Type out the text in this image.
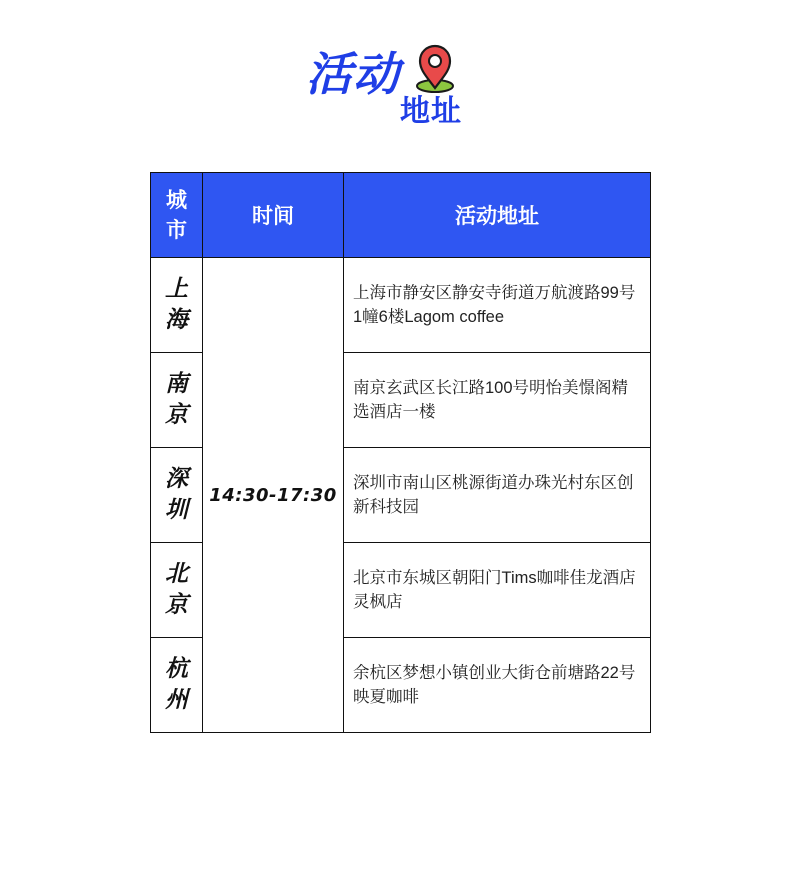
活动
地址
城
市	时间	活动地址

上
海	14:30-17:30	上海市静安区静安寺街道万航渡路99号1幢6楼Lagom coffee

南
京		南京玄武区长江路100号明怡美憬阁精选酒店一楼

深
圳		深圳市南山区桃源街道办珠光村东区创新科技园

北
京		北京市东城区朝阳门Tims咖啡佳龙酒店灵枫店

杭
州		余杭区梦想小镇创业大街仓前塘路22号映夏咖啡
